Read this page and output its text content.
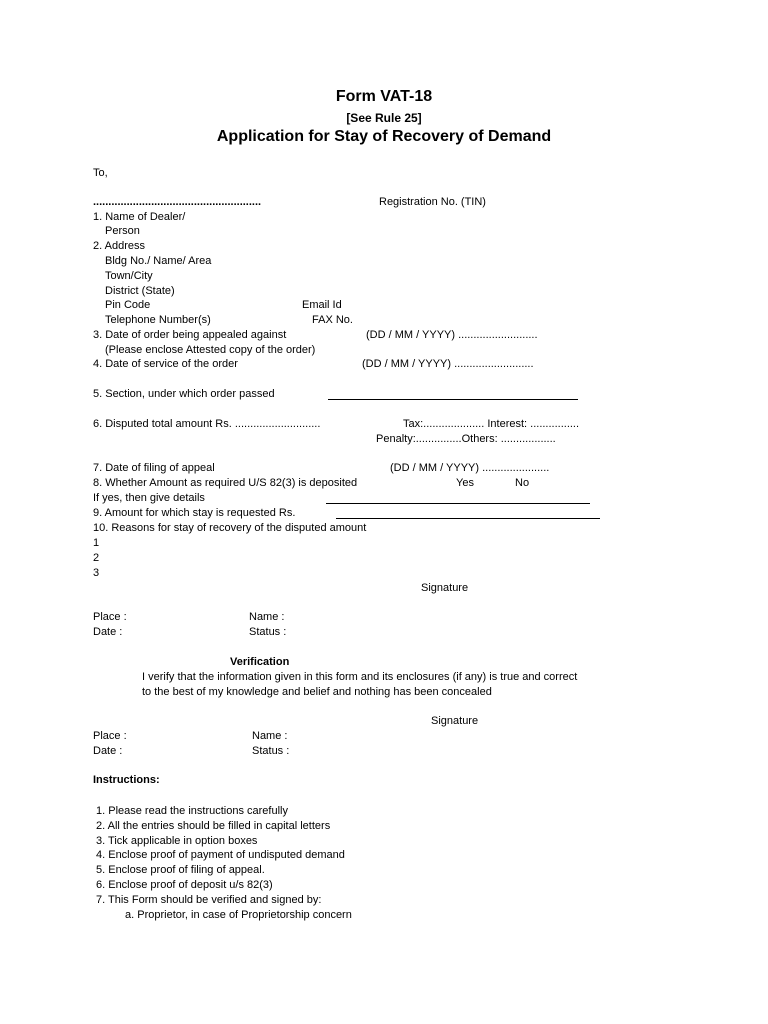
Form VAT-18
[See Rule 25]
Application for Stay of Recovery of Demand
To,
.......................................................	Registration No. (TIN)
1. Name of Dealer/
Person
2. Address
Bldg No./ Name/ Area
Town/City
District (State)
Pin Code	Email Id
Telephone Number(s)	FAX No.
3. Date of order being appealed against	(DD / MM / YYYY) ..........................
(Please enclose Attested copy of the order)
4. Date of service of the order	(DD / MM / YYYY) ..........................
5. Section, under which order passed
6. Disputed total amount Rs. ............................	Tax:.................... Interest: ................
Penalty:...............Others: ..................
7. Date of filing of appeal	(DD / MM / YYYY) ......................
8. Whether Amount as required U/S 82(3) is deposited	Yes	No
If yes, then give details
9. Amount for which stay is requested Rs.
10. Reasons for stay of recovery of the disputed amount
1
2
3
Signature
Place :	Name :
Date :	Status :
Verification
I verify that the information given in this form and its enclosures (if any) is true and correct
to the best of my knowledge and belief and nothing has been concealed
Signature
Place :	Name :
Date :	Status :
Instructions:
1. Please read the instructions carefully
2. All the entries should be filled in capital letters
3. Tick applicable in option boxes
4. Enclose proof of payment of undisputed demand
5. Enclose proof of filing of appeal.
6. Enclose proof of deposit u/s 82(3)
7. This Form should be verified and signed by:
a. Proprietor, in case of Proprietorship concern
